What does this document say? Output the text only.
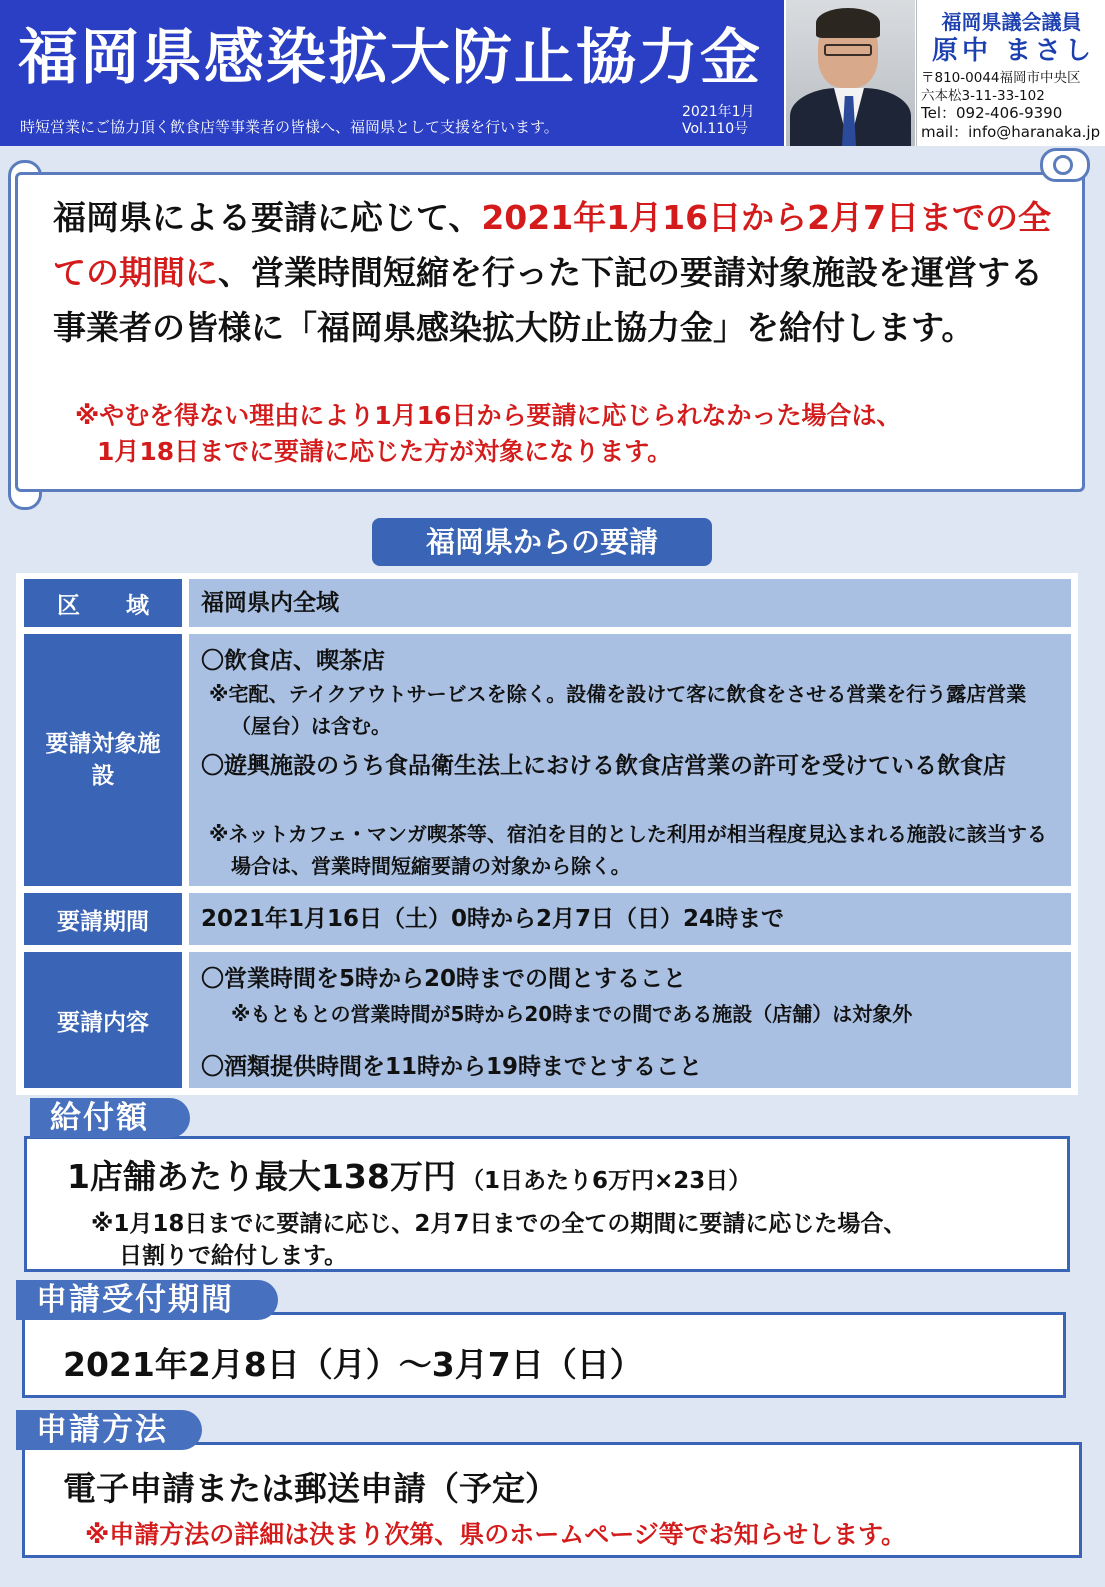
福岡県感染拡大防止協力金
時短営業にご協力頂く飲食店等事業者の皆様へ、福岡県として支援を行います。
2021年1月
Vol.110号
福岡県議会議員
原中 まさし
〒810-0044福岡市中央区
六本松3-11-33-102
Tel：092-406-9390
mail：info@haranaka.jp
福岡県による要請に応じて、2021年1月16日から2月7日までの全ての期間に、営業時間短縮を行った下記の要請対象施設を運営する事業者の皆様に「福岡県感染拡大防止協力金」を給付します。
※やむを得ない理由により1月16日から要請に応じられなかった場合は、
1月18日までに要請に応じた方が対象になります。
福岡県からの要請
区　　域	福岡県内全域
要請対象施設
〇飲食店、喫茶店
※宅配、テイクアウトサービスを除く。設備を設けて客に飲食をさせる営業を行う露店営業（屋台）は含む。
〇遊興施設のうち食品衛生法上における飲食店営業の許可を受けている飲食店
※ネットカフェ・マンガ喫茶等、宿泊を目的とした利用が相当程度見込まれる施設に該当する場合は、営業時間短縮要請の対象から除く。
要請期間	2021年1月16日（土）0時から2月7日（日）24時まで
要請内容
〇営業時間を5時から20時までの間とすること
※もともとの営業時間が5時から20時までの間である施設（店舗）は対象外
〇酒類提供時間を11時から19時までとすること
1店舗あたり最大138万円 （1日あたり6万円×23日）
※1月18日までに要請に応じ、2月7日までの全ての期間に要請に応じた場合、
日割りで給付します。
給付額
2021年2月8日（月）～3月7日（日）
申請受付期間
電子申請または郵送申請（予定）
※申請方法の詳細は決まり次第、県のホームページ等でお知らせします。
申請方法
